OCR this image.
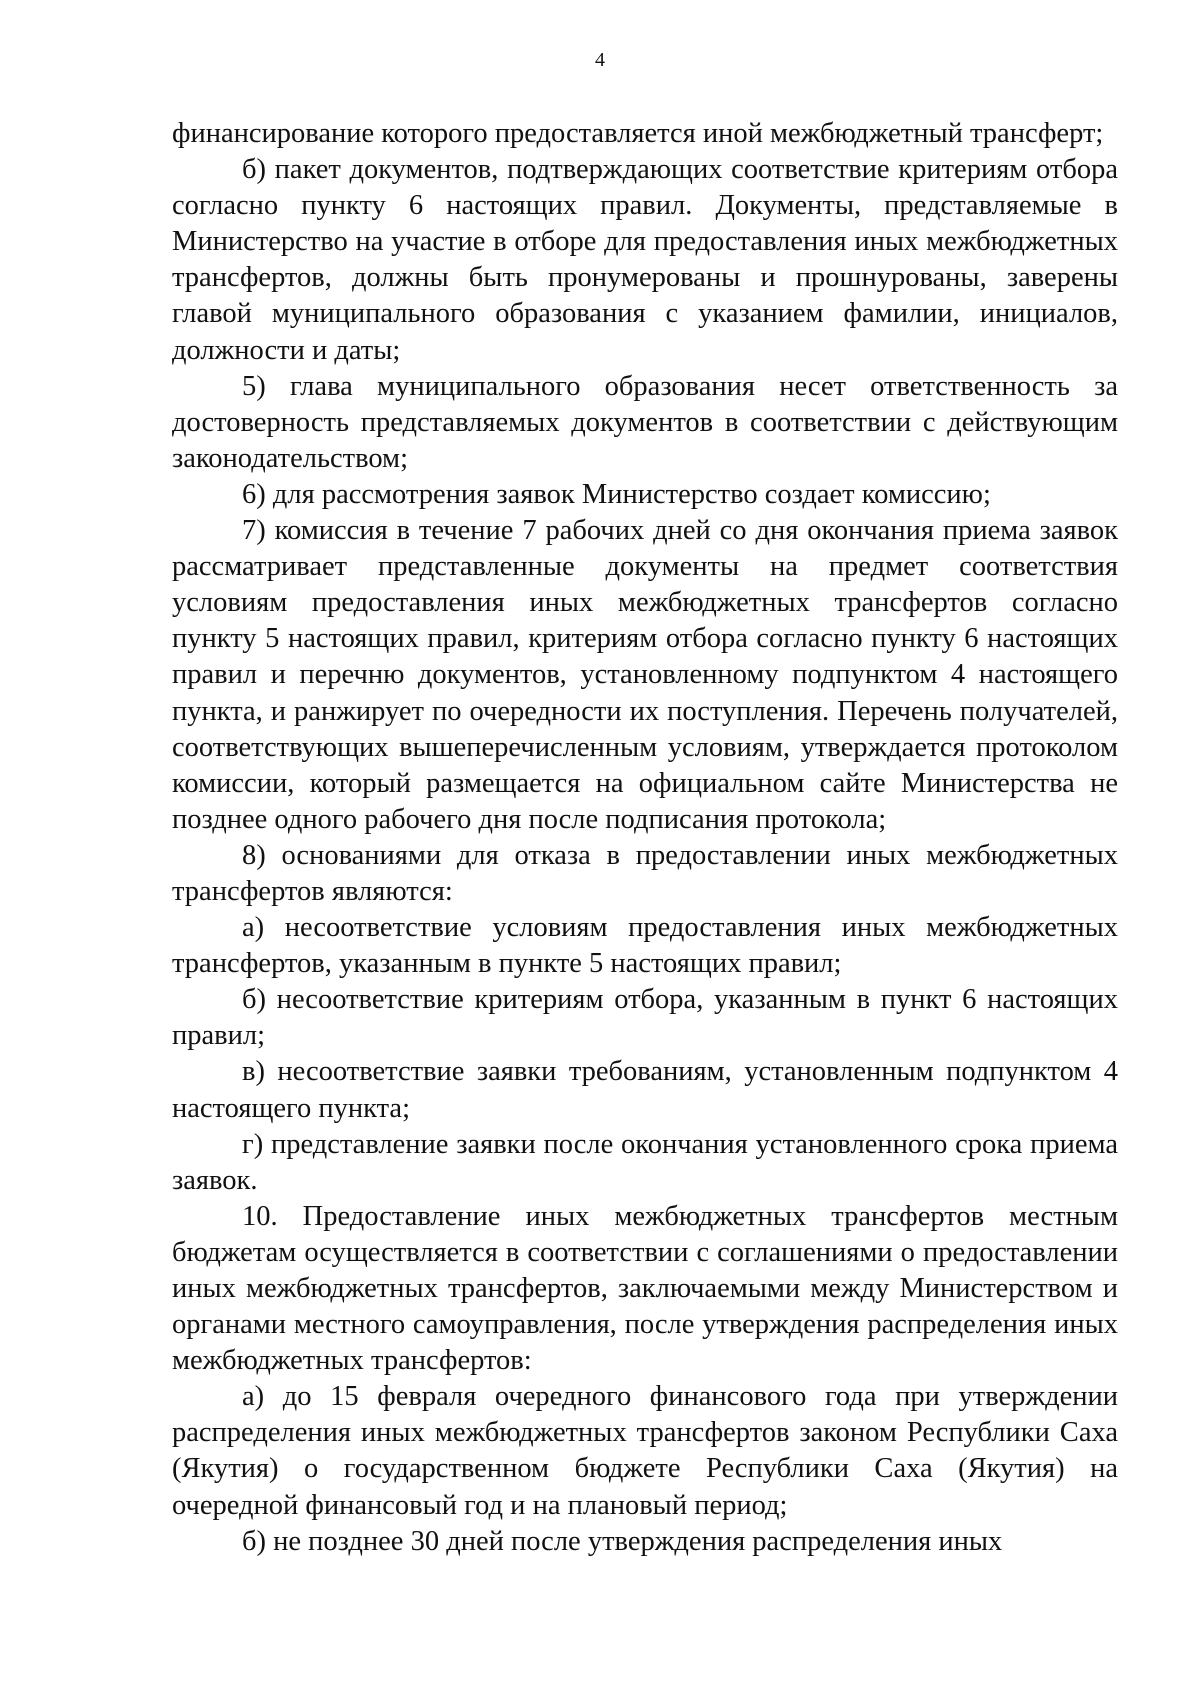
4

финансирование которого предоставляется иной межбюджетный трансферт;

б) пакет документов, подтверждающих соответствие критериям отбора согласно пункту 6 настоящих правил. Документы, представляемые в Министерство на участие в отборе для предоставления иных межбюджетных трансфертов, должны быть пронумерованы и прошнурованы, заверены главой муниципального образования с указанием фамилии, инициалов, должности и даты;

5) глава муниципального образования несет ответственность за достоверность представляемых документов в соответствии с действующим законодательством;

6) для рассмотрения заявок Министерство создает комиссию;

7) комиссия в течение 7 рабочих дней со дня окончания приема заявок рассматривает представленные документы на предмет соответствия условиям предоставления иных межбюджетных трансфертов согласно пункту 5 настоящих правил, критериям отбора согласно пункту 6 настоящих правил и перечню документов, установленному подпунктом 4 настоящего пункта, и ранжирует по очередности их поступления. Перечень получателей, соответствующих вышеперечисленным условиям, утверждается протоколом комиссии, который размещается на официальном сайте Министерства не позднее одного рабочего дня после подписания протокола;

8) основаниями для отказа в предоставлении иных межбюджетных трансфертов являются:

а) несоответствие условиям предоставления иных межбюджетных трансфертов, указанным в пункте 5 настоящих правил;

б) несоответствие критериям отбора, указанным в пункт 6 настоящих правил;

в) несоответствие заявки требованиям, установленным подпунктом 4 настоящего пункта;

г) представление заявки после окончания установленного срока приема заявок.

10. Предоставление иных межбюджетных трансфертов местным бюджетам осуществляется в соответствии с соглашениями о предоставлении иных межбюджетных трансфертов, заключаемыми между Министерством и органами местного самоуправления, после утверждения распределения иных межбюджетных трансфертов:

а) до 15 февраля очередного финансового года при утверждении распределения иных межбюджетных трансфертов законом Республики Саха (Якутия) о государственном бюджете Республики Саха (Якутия) на очередной финансовый год и на плановый период;

б) не позднее 30 дней после утверждения распределения иных
